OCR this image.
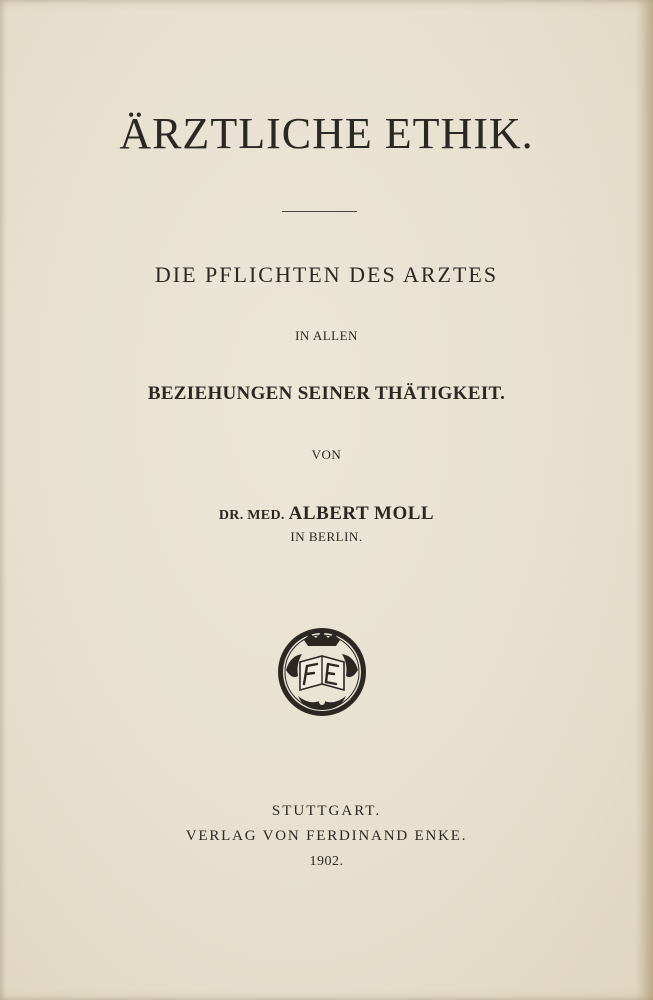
ÄRZTLICHE ETHIK.
DIE PFLICHTEN DES ARZTES
IN ALLEN
BEZIEHUNGEN SEINER THÄTIGKEIT.
VON
DR. MED. ALBERT MOLL
IN BERLIN.
STUTTGART.
VERLAG VON FERDINAND ENKE.
1902.
